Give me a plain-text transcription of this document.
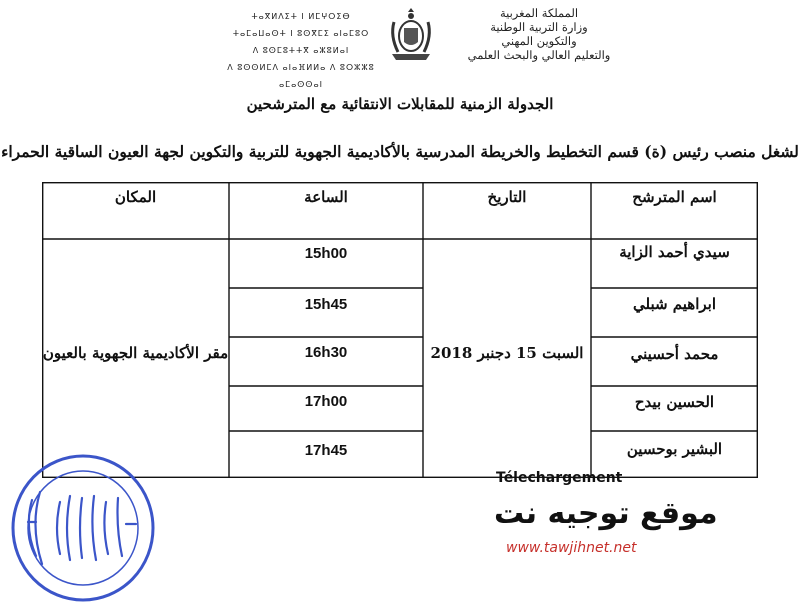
المملكة المغربية
وزارة التربية الوطنية
والتكوين المهني
والتعليم العالي والبحث العلمي
ⵜⴰⴳⵍⴷⵉⵜ ⵏ ⵍⵎⵖⵔⵉⴱ
ⵜⴰⵎⴰⵡⴰⵙⵜ ⵏ ⵓⵙⴳⵎⵉ ⴰⵏⴰⵎⵓⵔ
ⴷ ⵓⵙⵎⵓⵜⵜⴳ ⴰⵣⵓⵍⴰⵏ
ⴷ ⵓⵙⵙⵍⵎⴷ ⴰⵏⴰⴼⵍⵍⴰ ⴷ ⵓⵔⵣⵣⵓ ⴰⵎⴰⵙⵙⴰⵏ
الجدولة الزمنية للمقابلات الانتقائية مع المترشحين
لشغل منصب رئيس (ة) قسم التخطيط والخريطة المدرسية بالأكاديمية الجهوية للتربية والتكوين لجهة العيون الساقية الحمراء
اسم المترشح
التاريخ
الساعة
المكان
سيدي أحمد الزاية
ابراهيم شبلي
محمد أحسيني
الحسين بيدح
البشير بوحسين
15h00
15h45
16h30
17h00
17h45
السبت 15 دجنبر 2018
مقر الأكاديمية الجهوية بالعيون
Télechargement
موقع توجيه نت
www.tawjihnet.net
